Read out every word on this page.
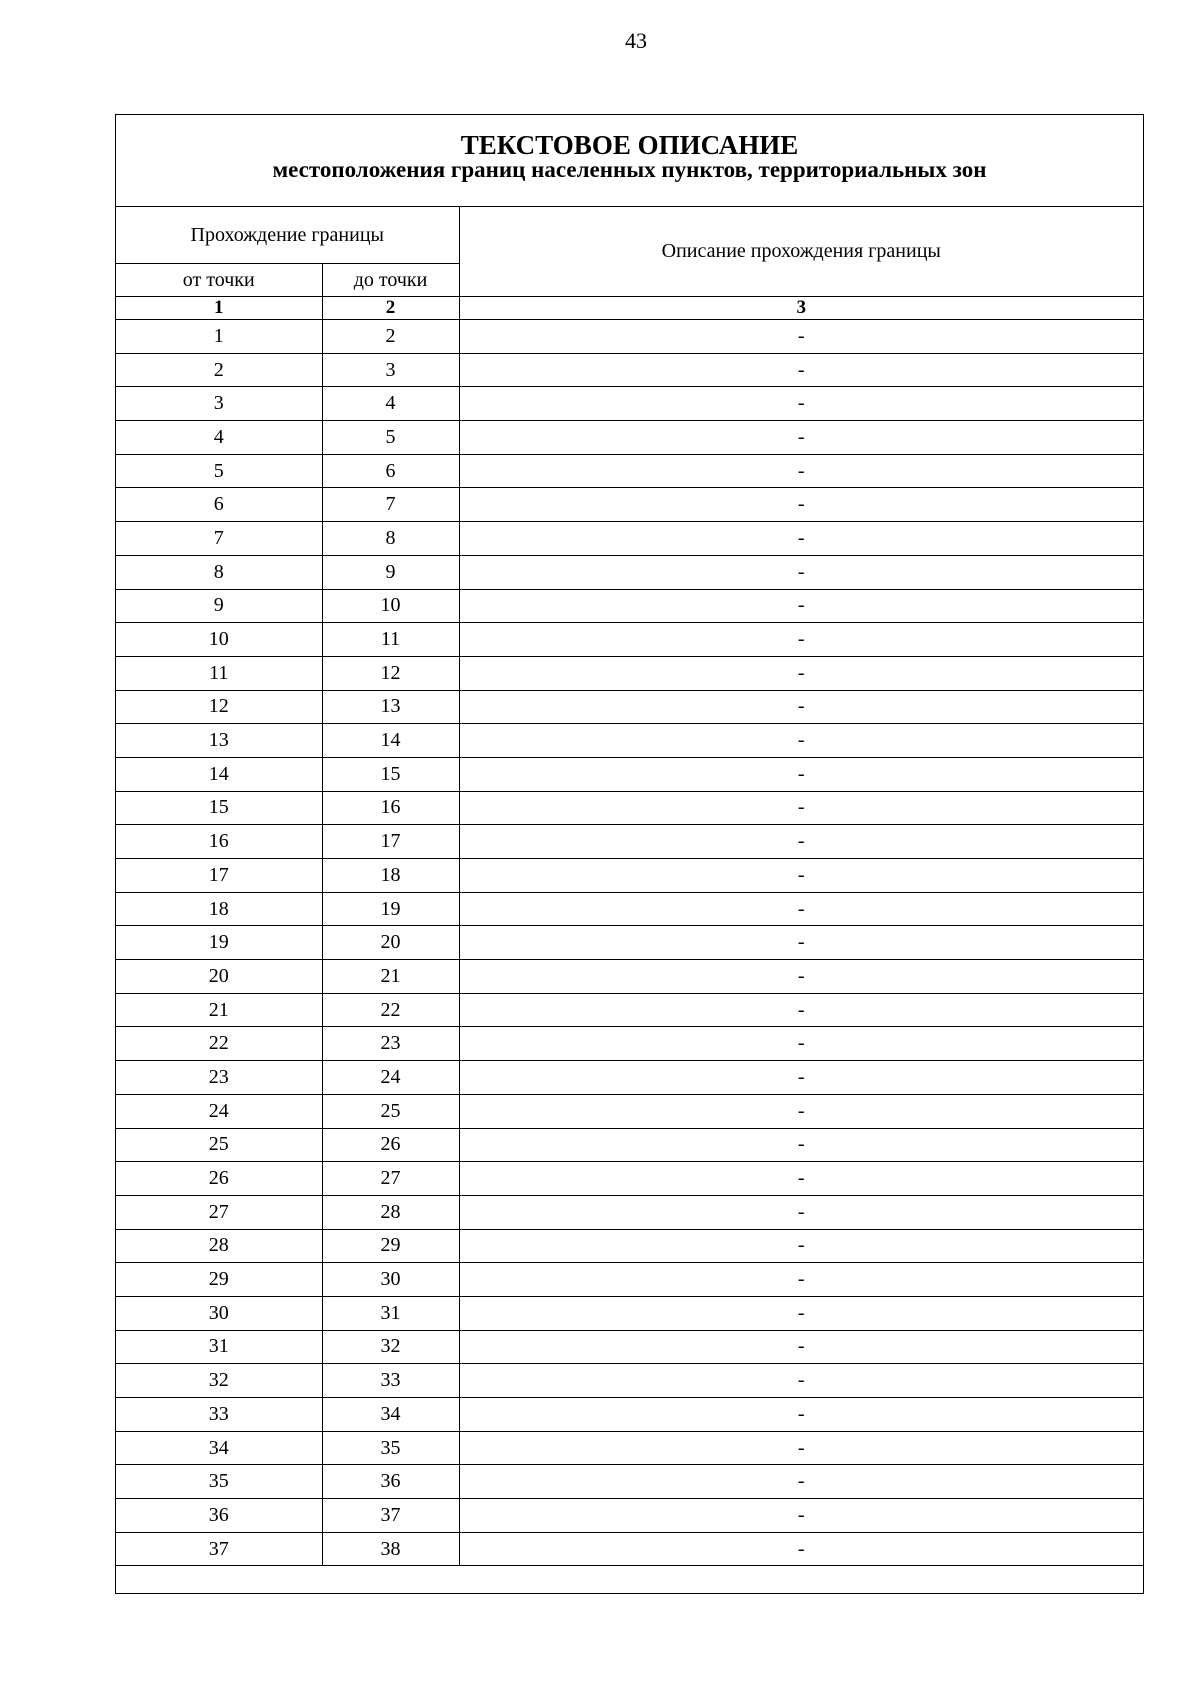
43
ТЕКСТОВОЕ ОПИСАНИЕ
местоположения границ населенных пунктов, территориальных зон
Прохождение границы		Описание прохождения границы
от точки	до точки	
1	2	3
1	2	-
2	3	-
3	4	-
4	5	-
5	6	-
6	7	-
7	8	-
8	9	-
9	10	-
10	11	-
11	12	-
12	13	-
13	14	-
14	15	-
15	16	-
16	17	-
17	18	-
18	19	-
19	20	-
20	21	-
21	22	-
22	23	-
23	24	-
24	25	-
25	26	-
26	27	-
27	28	-
28	29	-
29	30	-
30	31	-
31	32	-
32	33	-
33	34	-
34	35	-
35	36	-
36	37	-
37	38	-
